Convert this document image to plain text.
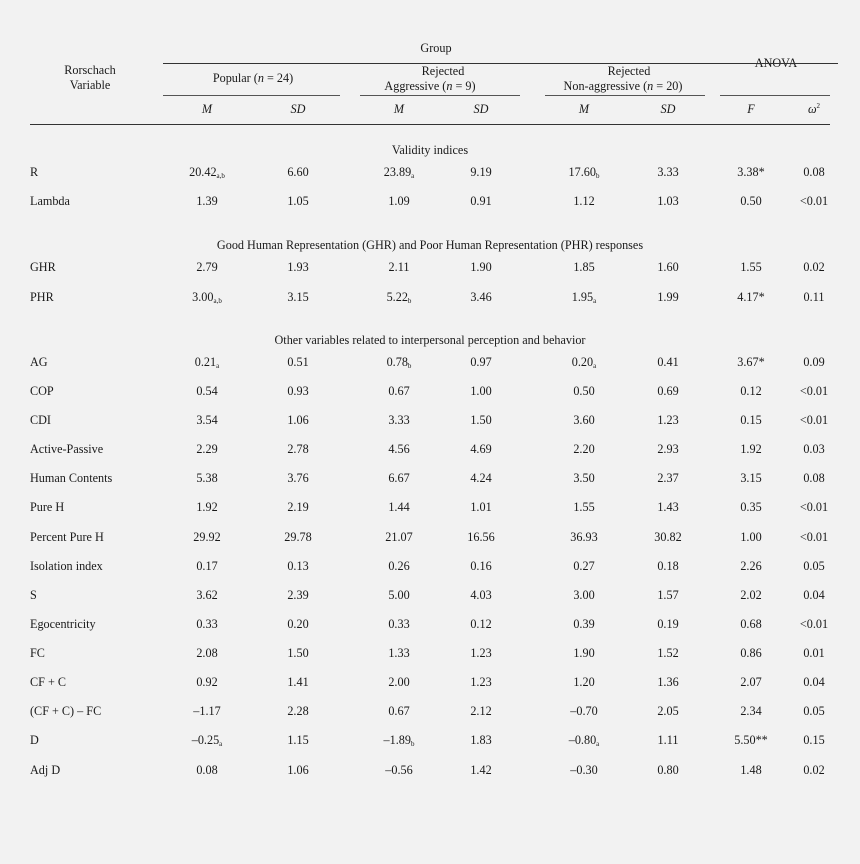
Group
Rorschach
Variable
ANOVA
Popular (n = 24)	Rejected
Aggressive (n = 9)
Rejected
Non-aggressive (n = 20)
M	SD	M	SD	M	SD	F	$\omega^2$
Validity indices
Good Human Representation (GHR) and Poor Human Representation (PHR) responses
Other variables related to interpersonal perception and behavior
R	$20.42_{a,b}$	6.60	$23.89_a$	9.19	$17.60_b$	3.33	3.38*	0.08
Lambda	1.39	1.05	1.09	0.91	1.12	1.03	0.50	<0.01
GHR	2.79	1.93	2.11	1.90	1.85	1.60	1.55	0.02
PHR	$3.00_{a,b}$	3.15	$5.22_b$	3.46	$1.95_a$	1.99	4.17*	0.11
AG	$0.21_a$	0.51	$0.78_b$	0.97	$0.20_a$	0.41	3.67*	0.09
COP	0.54	0.93	0.67	1.00	0.50	0.69	0.12	<0.01
CDI	3.54	1.06	3.33	1.50	3.60	1.23	0.15	<0.01
Active-Passive	2.29	2.78	4.56	4.69	2.20	2.93	1.92	0.03
Human Contents	5.38	3.76	6.67	4.24	3.50	2.37	3.15	0.08
Pure H	1.92	2.19	1.44	1.01	1.55	1.43	0.35	<0.01
Percent Pure H	29.92	29.78	21.07	16.56	36.93	30.82	1.00	<0.01
Isolation index	0.17	0.13	0.26	0.16	0.27	0.18	2.26	0.05
S	3.62	2.39	5.00	4.03	3.00	1.57	2.02	0.04
Egocentricity	0.33	0.20	0.33	0.12	0.39	0.19	0.68	<0.01
FC	2.08	1.50	1.33	1.23	1.90	1.52	0.86	0.01
CF + C	0.92	1.41	2.00	1.23	1.20	1.36	2.07	0.04
(CF + C) – FC	–1.17	2.28	0.67	2.12	–0.70	2.05	2.34	0.05
D	$-0.25_a$	1.15	$-1.89_b$	1.83	$-0.80_a$	1.11	5.50**	0.15
Adj D	0.08	1.06	–0.56	1.42	–0.30	0.80	1.48	0.02
